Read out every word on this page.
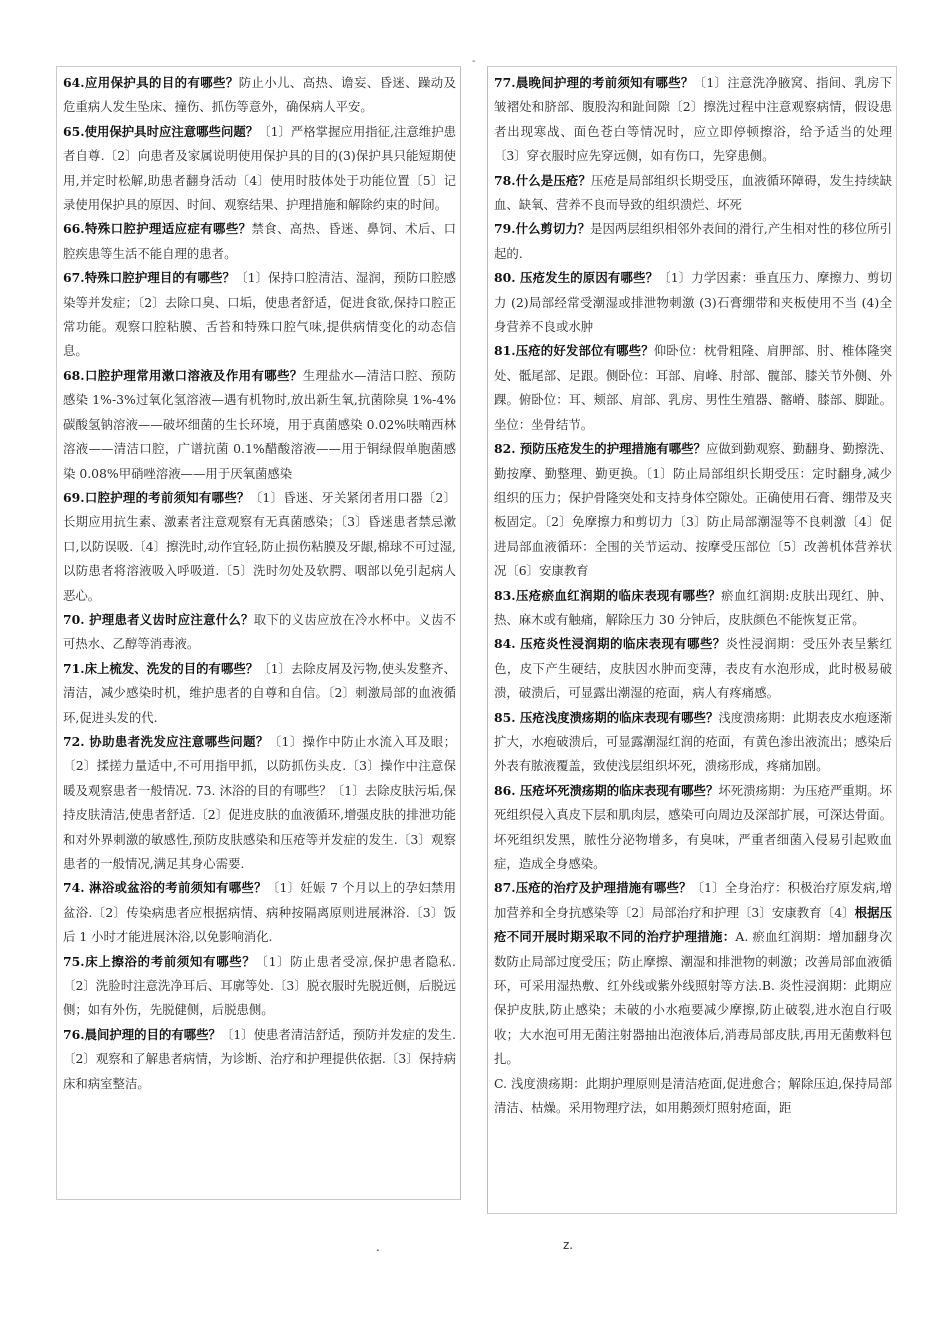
-

64.应用保护具的目的有哪些？防止小儿、高热、谵妄、昏迷、躁动及危重病人发生坠床、撞伤、抓伤等意外，确保病人平安。

65.使用保护具时应注意哪些问题？〔1〕严格掌握应用指征,注意维护患者自尊.〔2〕向患者及家属说明使用保护具的目的(3)保护具只能短期使用,并定时松解,助患者翻身活动〔4〕使用时肢体处于功能位置〔5〕记录使用保护具的原因、时间、观察结果、护理措施和解除约束的时间。

66.特殊口腔护理适应症有哪些？禁食、高热、昏迷、鼻饲、术后、口腔疾患等生活不能自理的患者。

67.特殊口腔护理目的有哪些？〔1〕保持口腔清洁、湿润，预防口腔感染等并发症；〔2〕去除口臭、口垢，使患者舒适，促进食欲,保持口腔正常功能。观察口腔粘膜、舌苔和特殊口腔气味,提供病情变化的动态信息。

68.口腔护理常用漱口溶液及作用有哪些？生理盐水—清洁口腔、预防感染 1%-3%过氧化氢溶液—遇有机物时,放出新生氧,抗菌除臭 1%-4%碳酸氢钠溶液——破坏细菌的生长环境，用于真菌感染 0.02%呋喃西林溶液——清洁口腔，广谱抗菌 0.1%醋酸溶液——用于铜绿假单胞菌感染 0.08%甲硝唑溶液——用于厌氧菌感染

69.口腔护理的考前须知有哪些？〔1〕昏迷、牙关紧闭者用口器〔2〕长期应用抗生素、激素者注意观察有无真菌感染；〔3〕昏迷患者禁忌漱口,以防误吸.〔4〕擦洗时,动作宜轻,防止损伤粘膜及牙龈,棉球不可过湿,以防患者将溶液吸入呼吸道.〔5〕洗时勿处及软腭、咽部以免引起病人恶心。

70. 护理患者义齿时应注意什么？取下的义齿应放在冷水杯中。义齿不可热水、乙醇等消毒液。

71.床上梳发、洗发的目的有哪些？〔1〕去除皮屑及污物,使头发整齐、清洁，减少感染时机，维护患者的自尊和自信。〔2〕刺激局部的血液循环,促进头发的代.

72. 协助患者洗发应注意哪些问题？〔1〕操作中防止水流入耳及眼；〔2〕揉搓力量适中,不可用指甲抓，以防抓伤头皮.〔3〕操作中注意保暖及观察患者一般情况. 73. 沐浴的目的有哪些？〔1〕去除皮肤污垢,保持皮肤清洁,使患者舒适.〔2〕促进皮肤的血液循环,增强皮肤的排泄功能和对外界刺激的敏感性,预防皮肤感染和压疮等并发症的发生.〔3〕观察患者的一般情况,满足其身心需要.

74. 淋浴或盆浴的考前须知有哪些？〔1〕妊娠 7 个月以上的孕妇禁用盆浴.〔2〕传染病患者应根据病情、病种按隔离原则进展淋浴.〔3〕饭后 1 小时才能进展沐浴,以免影响消化.

75.床上擦浴的考前须知有哪些？〔1〕防止患者受凉,保护患者隐私.〔2〕洗脸时注意洗净耳后、耳廓等处.〔3〕脱衣服时先脱近侧，后脱远侧；如有外伤，先脱健侧，后脱患侧。

76.晨间护理的目的有哪些？〔1〕使患者清洁舒适，预防并发症的发生.〔2〕观察和了解患者病情，为诊断、治疗和护理提供依据.〔3〕保持病床和病室整洁。

77.晨晚间护理的考前须知有哪些？〔1〕注意洗净腋窝、指间、乳房下皱褶处和脐部、腹股沟和趾间隙〔2〕擦洗过程中注意观察病情，假设患者出现寒战、面色苍白等情况时，应立即停顿擦浴，给予适当的处理〔3〕穿衣服时应先穿远侧，如有伤口，先穿患侧。

78.什么是压疮？压疮是局部组织长期受压，血液循环障碍，发生持续缺血、缺氧、营养不良而导致的组织溃烂、坏死

79.什么剪切力？是因两层组织相邻外表间的滑行,产生相对性的移位所引起的.

80. 压疮发生的原因有哪些？〔1〕力学因素：垂直压力、摩擦力、剪切力 (2)局部经常受潮湿或排泄物刺激 (3)石膏绷带和夹板使用不当 (4)全身营养不良或水肿

81.压疮的好发部位有哪些？仰卧位：枕骨粗隆、肩胛部、肘、椎体隆突处、骶尾部、足跟。侧卧位：耳部、肩峰、肘部、髋部、膝关节外侧、外踝。俯卧位：耳、颊部、肩部、乳房、男性生殖器、髂嵴、膝部、脚趾。坐位：坐骨结节。

82. 预防压疮发生的护理措施有哪些？应做到勤观察、勤翻身、勤擦洗、勤按摩、勤整理、勤更换。〔1〕防止局部组织长期受压：定时翻身,减少组织的压力；保护骨隆突处和支持身体空隙处。正确使用石膏、绷带及夹板固定。〔2〕免摩擦力和剪切力〔3〕防止局部潮湿等不良刺激〔4〕促进局部血液循环：全围的关节运动、按摩受压部位〔5〕改善机体营养状况〔6〕安康教育

83.压疮瘀血红润期的临床表现有哪些？瘀血红润期:皮肤出现红、肿、热、麻木或有触痛，解除压力 30 分钟后，皮肤颜色不能恢复正常。

84. 压疮炎性浸润期的临床表现有哪些？炎性浸润期：受压外表呈紫红色，皮下产生硬结，皮肤因水肿而变薄，表皮有水泡形成，此时极易破溃，破溃后，可显露出潮湿的疮面，病人有疼痛感。

85. 压疮浅度溃疡期的临床表现有哪些？浅度溃疡期：此期表皮水疱逐渐扩大，水疱破溃后，可显露潮湿红润的疮面，有黄色渗出液流出；感染后外表有脓液覆盖，致使浅层组织坏死，溃疡形成，疼痛加剧。

86. 压疮坏死溃疡期的临床表现有哪些？坏死溃疡期：为压疮严重期。坏死组织侵入真皮下层和肌肉层，感染可向周边及深部扩展，可深达骨面。坏死组织发黑，脓性分泌物增多，有臭味，严重者细菌入侵易引起败血症，造成全身感染。

87.压疮的治疗及护理措施有哪些？〔1〕全身治疗：积极治疗原发病,增加营养和全身抗感染等〔2〕局部治疗和护理〔3〕安康教育〔4〕根据压疮不同开展时期采取不同的治疗护理措施：A. 瘀血红润期：增加翻身次数防止局部过度受压；防止摩擦、潮湿和排泄物的刺激；改善局部血液循环，可采用湿热敷、红外线或紫外线照射等方法.B. 炎性浸润期：此期应保护皮肤,防止感染；未破的小水疱要减少摩擦,防止破裂,进水泡自行吸收；大水泡可用无菌注射器抽出泡液体后,消毒局部皮肤,再用无菌敷料包扎。

C. 浅度溃疡期：此期护理原则是清洁疮面,促进愈合；解除压迫,保持局部清洁、枯燥。采用物理疗法，如用鹅颈灯照射疮面，距

.	z.
